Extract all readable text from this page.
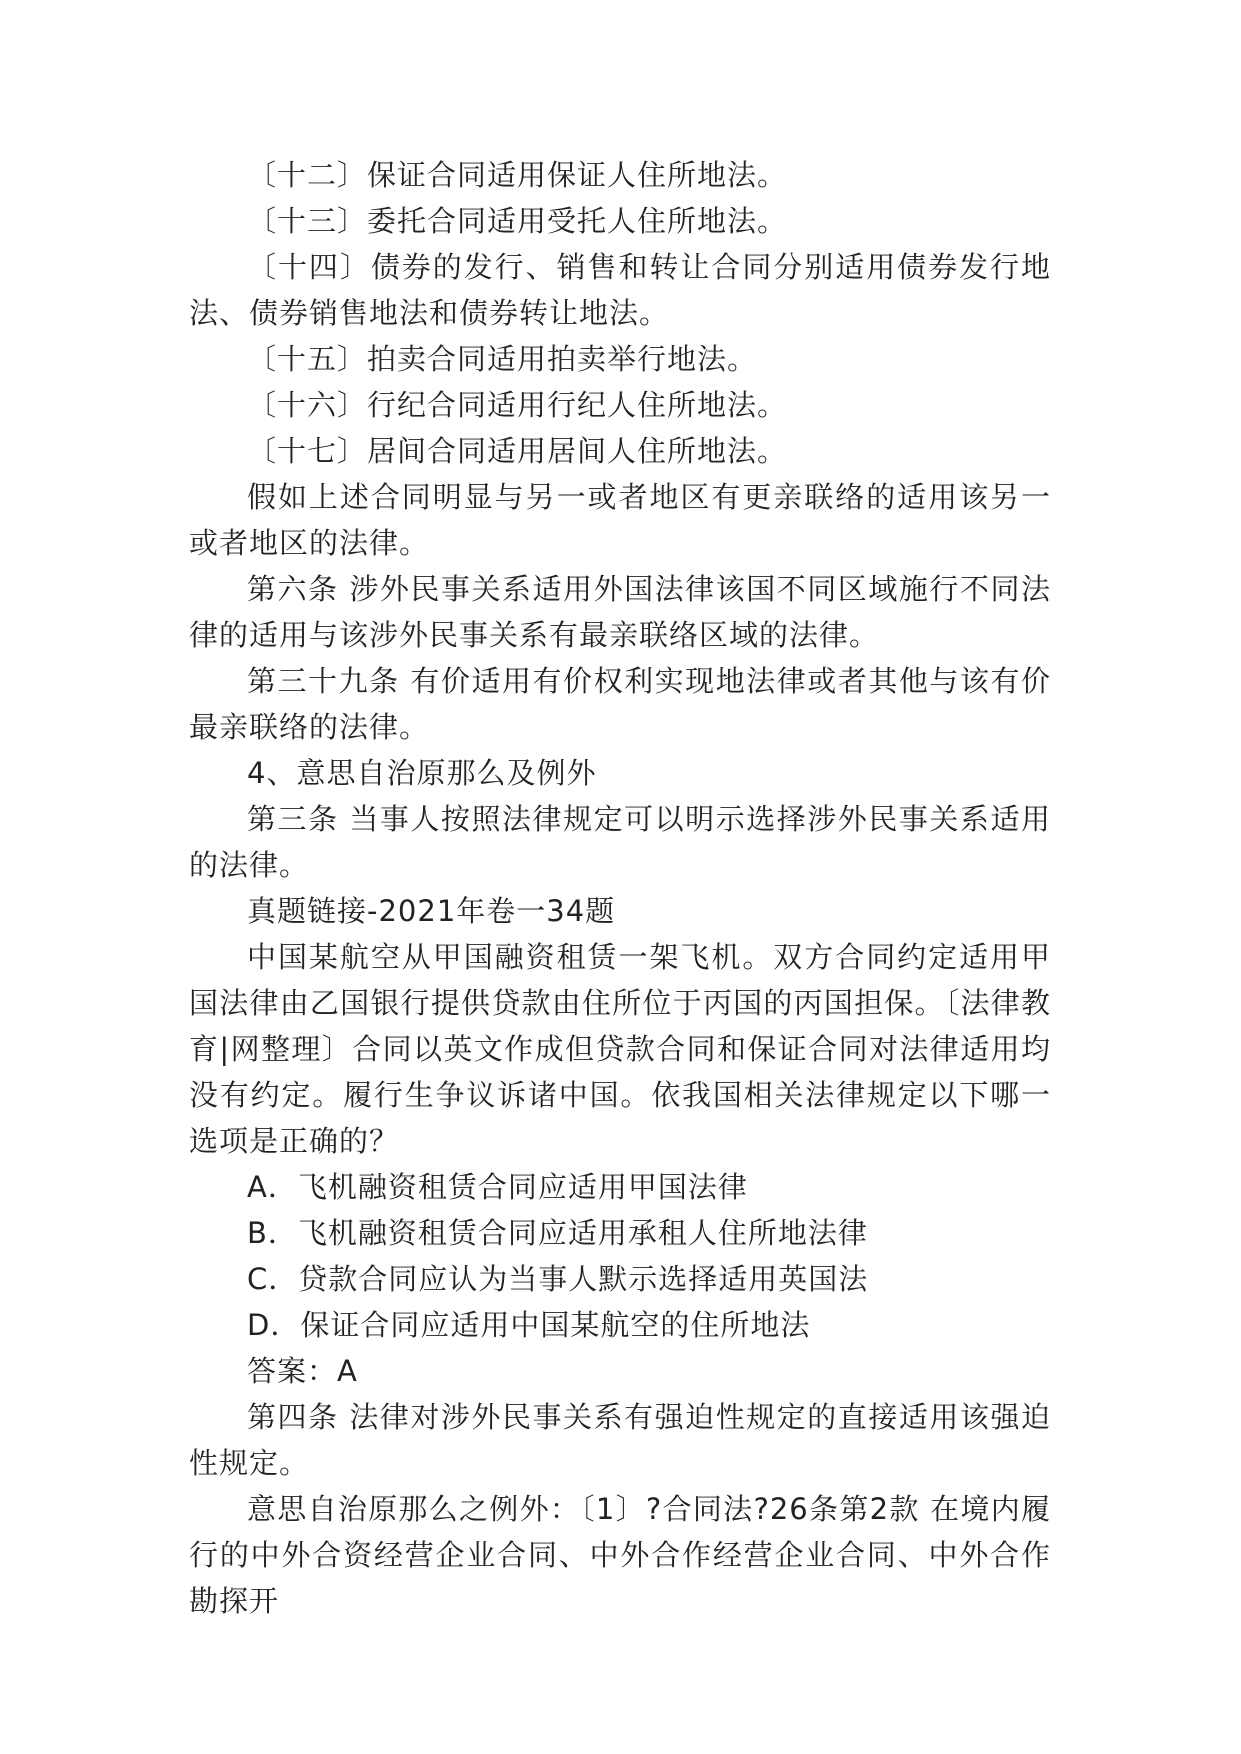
〔十二〕保证合同适用保证人住所地法。

〔十三〕委托合同适用受托人住所地法。

〔十四〕债券的发行、销售和转让合同分别适用债券发行地法、债券销售地法和债券转让地法。

〔十五〕拍卖合同适用拍卖举行地法。

〔十六〕行纪合同适用行纪人住所地法。

〔十七〕居间合同适用居间人住所地法。

假如上述合同明显与另一或者地区有更亲联络的适用该另一或者地区的法律。

第六条 涉外民事关系适用外国法律该国不同区域施行不同法律的适用与该涉外民事关系有最亲联络区域的法律。

第三十九条 有价适用有价权利实现地法律或者其他与该有价最亲联络的法律。

4、意思自治原那么及例外

第三条 当事人按照法律规定可以明示选择涉外民事关系适用的法律。

真题链接-2021年卷一34题

中国某航空从甲国融资租赁一架飞机。双方合同约定适用甲国法律由乙国银行提供贷款由住所位于丙国的丙国担保。〔法律教育|网整理〕合同以英文作成但贷款合同和保证合同对法律适用均没有约定。履行生争议诉诸中国。依我国相关法律规定以下哪一选项是正确的？

A．飞机融资租赁合同应适用甲国法律

B．飞机融资租赁合同应适用承租人住所地法律

C．贷款合同应认为当事人默示选择适用英国法

D．保证合同应适用中国某航空的住所地法

答案：A

第四条 法律对涉外民事关系有强迫性规定的直接适用该强迫性规定。

意思自治原那么之例外：〔1〕?合同法?26条第2款 在境内履行的中外合资经营企业合同、中外合作经营企业合同、中外合作勘探开
